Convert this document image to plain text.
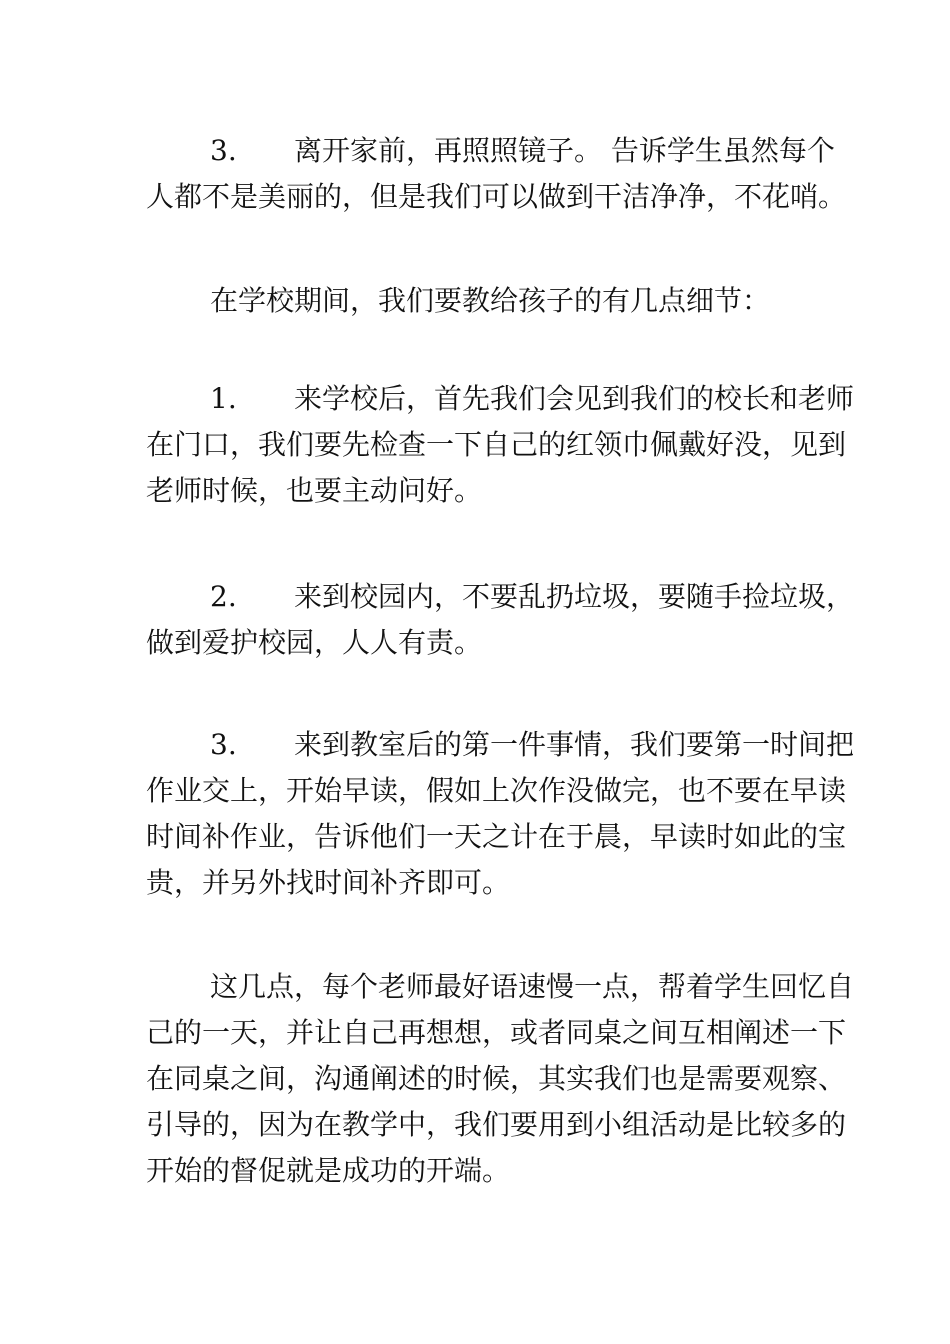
3. 离开家前，再照照镜子。 告诉学生虽然每个
人都不是美丽的，但是我们可以做到干洁净净，不花哨。
在学校期间，我们要教给孩子的有几点细节：
1. 来学校后，首先我们会见到我们的校长和老师
在门口，我们要先检查一下自己的红领巾佩戴好没，见到
老师时候，也要主动问好。
2. 来到校园内，不要乱扔垃圾，要随手捡垃圾，
做到爱护校园，人人有责。
3. 来到教室后的第一件事情，我们要第一时间把
作业交上，开始早读，假如上次作没做完，也不要在早读
时间补作业，告诉他们一天之计在于晨，早读时如此的宝
贵，并另外找时间补齐即可。
这几点，每个老师最好语速慢一点，帮着学生回忆自
己的一天，并让自己再想想，或者同桌之间互相阐述一下
在同桌之间，沟通阐述的时候，其实我们也是需要观察、
引导的，因为在教学中，我们要用到小组活动是比较多的
开始的督促就是成功的开端。
